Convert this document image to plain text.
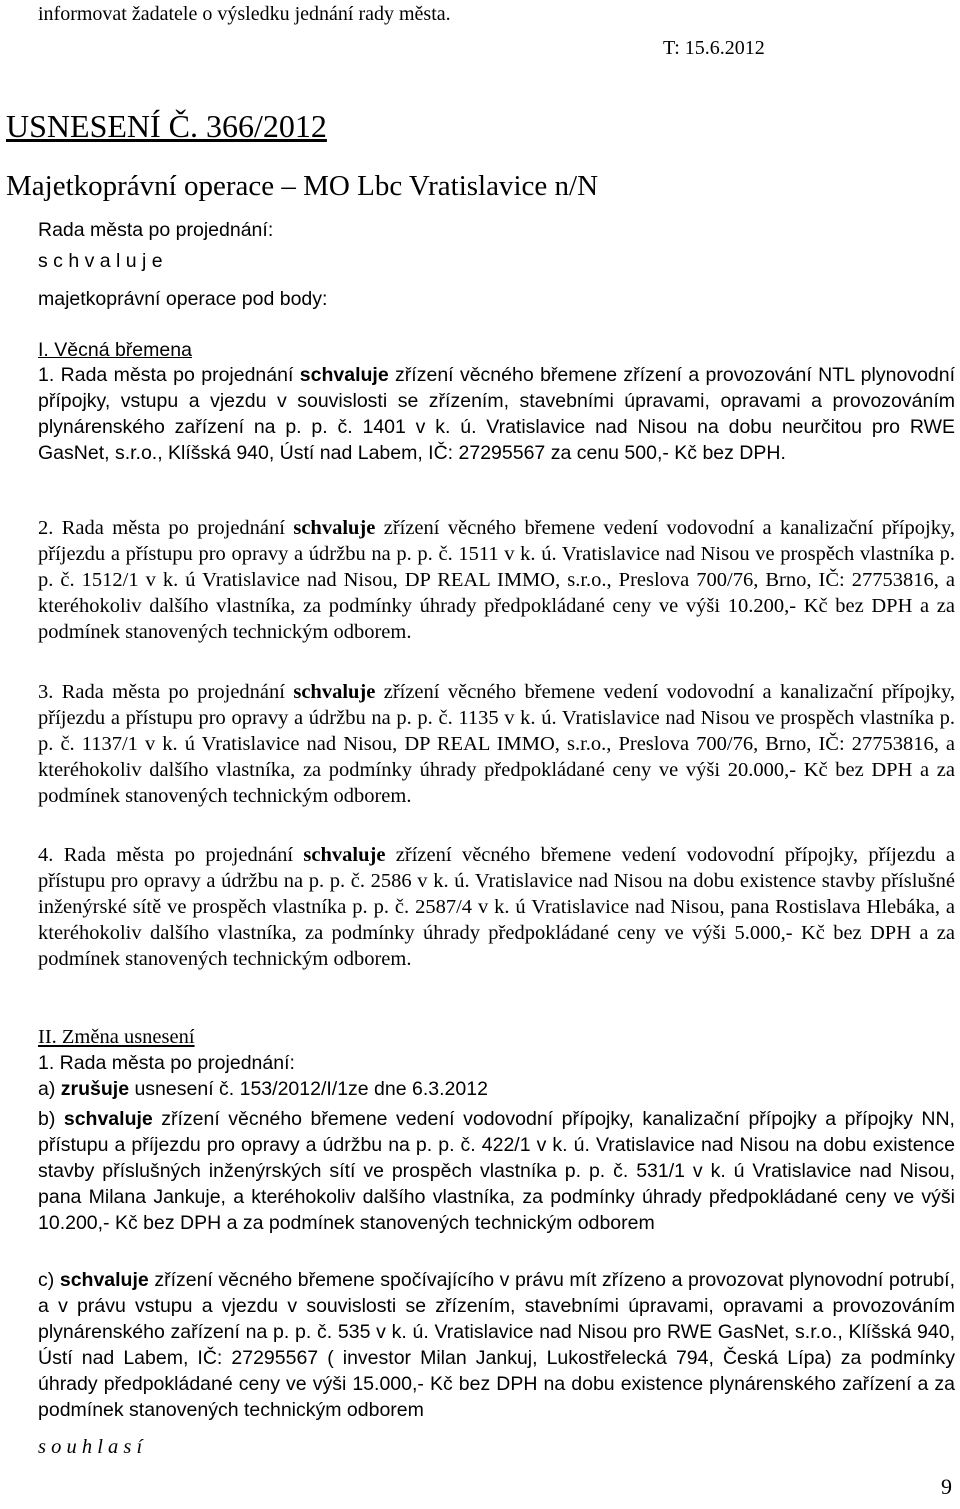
informovat žadatele o výsledku jednání rady města.
T: 15.6.2012
USNESENÍ Č. 366/2012
Majetkoprávní operace – MO Lbc Vratislavice n/N
Rada města po projednání:
s c h v a l u j e
majetkoprávní operace pod body:
I. Věcná břemena
1. Rada města po projednání schvaluje zřízení věcného břemene zřízení a provozování NTL plynovodní přípojky, vstupu a vjezdu v souvislosti se zřízením, stavebními úpravami, opravami a provozováním plynárenského zařízení na p. p. č. 1401 v k. ú. Vratislavice nad Nisou na dobu neurčitou pro RWE GasNet, s.r.o., Klíšská 940, Ústí nad Labem, IČ: 27295567 za cenu 500,- Kč bez DPH.
2. Rada města po projednání schvaluje zřízení věcného břemene vedení vodovodní a kanalizační přípojky, příjezdu a přístupu pro opravy a údržbu na p. p. č. 1511 v k. ú. Vratislavice nad Nisou ve prospěch vlastníka p. p. č. 1512/1 v k. ú Vratislavice nad Nisou, DP REAL IMMO, s.r.o., Preslova 700/76, Brno, IČ: 27753816, a kteréhokoliv dalšího vlastníka, za podmínky úhrady předpokládané ceny ve výši 10.200,- Kč bez DPH a za podmínek stanovených technickým odborem.
3. Rada města po projednání schvaluje zřízení věcného břemene vedení vodovodní a kanalizační přípojky, příjezdu a přístupu pro opravy a údržbu na p. p. č. 1135 v k. ú. Vratislavice nad Nisou ve prospěch vlastníka p. p. č. 1137/1 v k. ú Vratislavice nad Nisou, DP REAL IMMO, s.r.o., Preslova 700/76, Brno, IČ: 27753816, a kteréhokoliv dalšího vlastníka, za podmínky úhrady předpokládané ceny ve výši 20.000,- Kč bez DPH a za podmínek stanovených technickým odborem.
4. Rada města po projednání schvaluje zřízení věcného břemene vedení vodovodní přípojky, příjezdu a přístupu pro opravy a údržbu na p. p. č. 2586 v k. ú. Vratislavice nad Nisou na dobu existence stavby příslušné inženýrské sítě ve prospěch vlastníka p. p. č. 2587/4 v k. ú Vratislavice nad Nisou, pana Rostislava Hlebáka, a kteréhokoliv dalšího vlastníka, za podmínky úhrady předpokládané ceny ve výši 5.000,- Kč bez DPH a za podmínek stanovených technickým odborem.
II. Změna usnesení
1. Rada města po projednání:
a) zrušuje usnesení č. 153/2012/I/1ze dne 6.3.2012
b) schvaluje zřízení věcného břemene vedení vodovodní přípojky, kanalizační přípojky a přípojky NN, přístupu a příjezdu pro opravy a údržbu na p. p. č. 422/1 v k. ú. Vratislavice nad Nisou na dobu existence stavby příslušných inženýrských sítí ve prospěch vlastníka p. p. č. 531/1 v k. ú Vratislavice nad Nisou, pana Milana Jankuje, a kteréhokoliv dalšího vlastníka, za podmínky úhrady předpokládané ceny ve výši 10.200,- Kč bez DPH a za podmínek stanovených technickým odborem
c) schvaluje zřízení věcného břemene spočívajícího v právu mít zřízeno a provozovat plynovodní potrubí, a v právu vstupu a vjezdu v souvislosti se zřízením, stavebními úpravami, opravami a provozováním plynárenského zařízení na p. p. č. 535 v k. ú. Vratislavice nad Nisou pro RWE GasNet, s.r.o., Klíšská 940, Ústí nad Labem, IČ: 27295567 ( investor Milan Jankuj, Lukostřelecká 794, Česká Lípa) za podmínky úhrady předpokládané ceny ve výši 15.000,- Kč bez DPH na dobu existence plynárenského zařízení a za podmínek stanovených technickým odborem
s o u h l a s í
9
